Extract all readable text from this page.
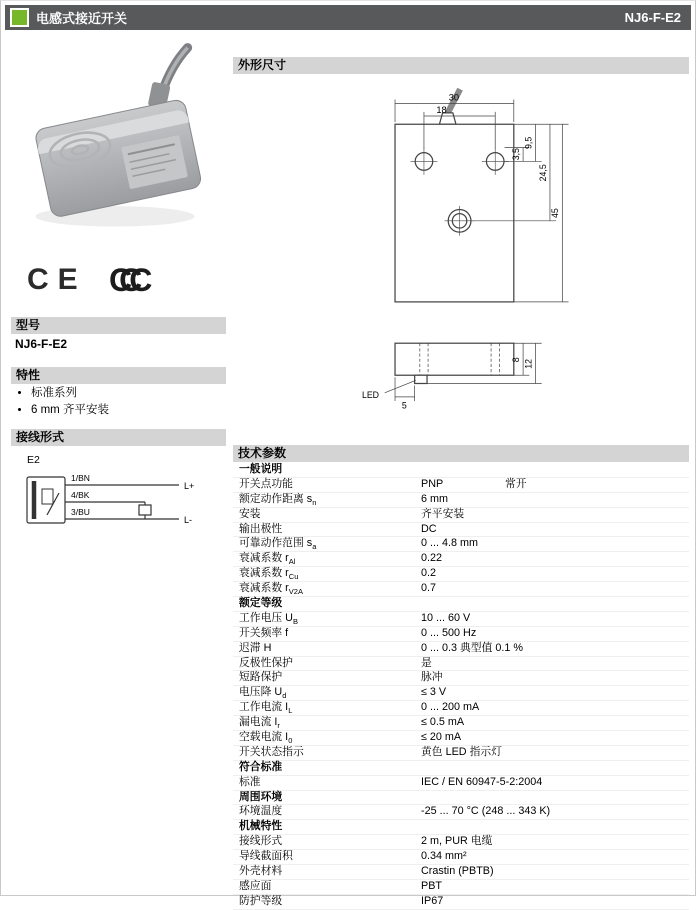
电感式接近开关	NJ6-F-E2
CE CCC
型号
NJ6-F-E2
特性
• 标准系列
• 6 mm 齐平安装
接线形式
E2
1/BN
4/BK
3/BU
L+
L-
外形尺寸
30
18
3,5
9,5
24,5
45
8 12
5
LED
技术参数
一般说明
开关点功能	PNP	常开
额定动作距离 $s_n$	6 mm
安装	齐平安装
输出极性	DC
可靠动作范围 $s_a$	0 ... 4.8 mm
衰减系数 $r_{Al}$	0.22
衰减系数 $r_{Cu}$	0.2
衰减系数 $r_{V2A}$	0.7
额定等级
工作电压 $U_B$	10 ... 60 V
开关频率 f	0 ... 500 Hz
迟滞 H	0 ... 0.3 典型值 0.1 %
反极性保护	是
短路保护	脉冲
电压降 $U_d$	≤ 3 V
工作电流 $I_L$	0 ... 200 mA
漏电流 $I_r$	≤ 0.5 mA
空载电流 $I_0$	≤ 20 mA
开关状态指示	黄色 LED 指示灯
符合标准
标准	IEC / EN 60947-5-2:2004
周围环境
环境温度	-25 ... 70 °C (248 ... 343 K)
机械特性
接线形式	2 m, PUR 电缆
导线截面积	0.34 mm²
外壳材料	Crastin (PBTB)
感应面	PBT
防护等级	IP67
